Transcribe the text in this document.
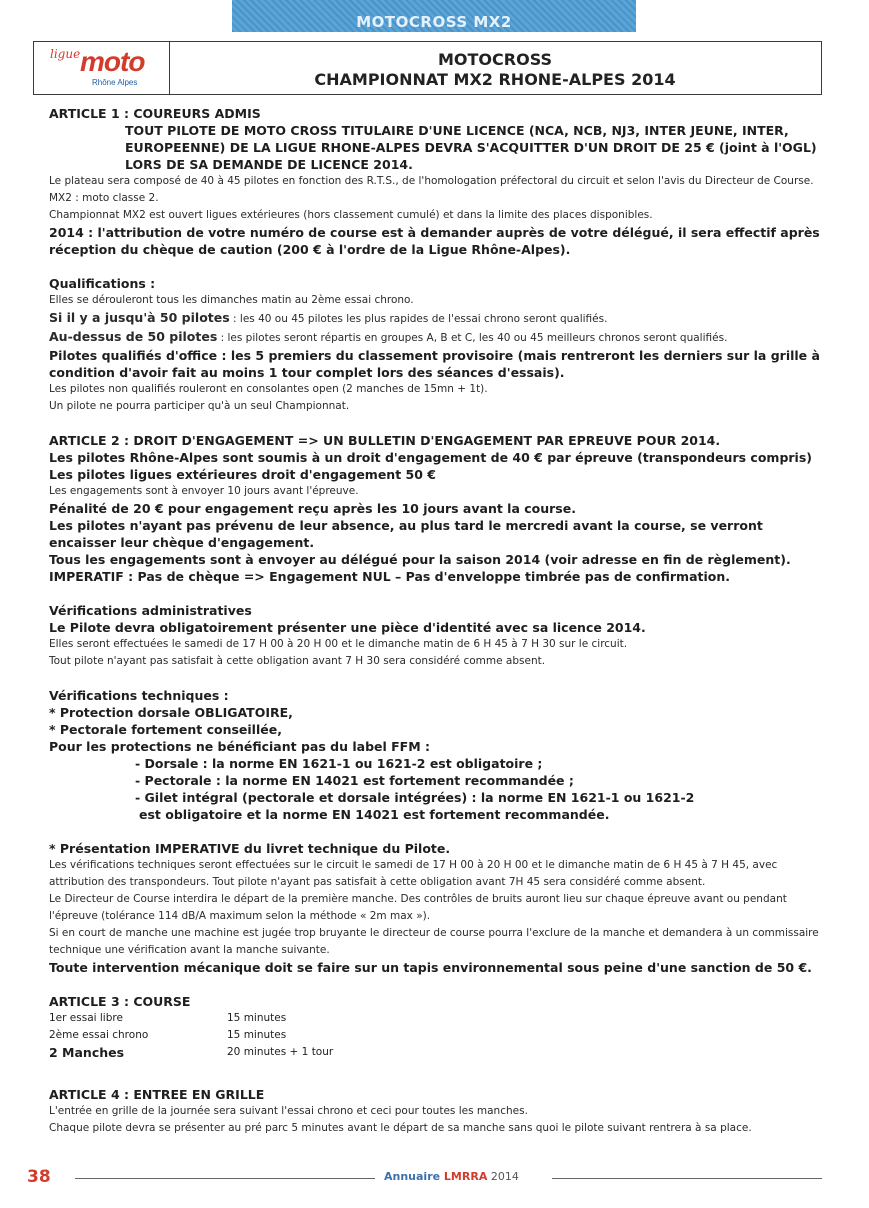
MOTOCROSS MX2
ligue moto
Rhône Alpes
MOTOCROSS
CHAMPIONNAT MX2 RHONE-ALPES 2014

ARTICLE 1 : COUREURS ADMIS

TOUT PILOTE DE MOTO CROSS TITULAIRE D'UNE LICENCE (NCA, NCB, NJ3, INTER JEUNE, INTER, EUROPEENNE) DE LA LIGUE RHONE-ALPES DEVRA S'ACQUITTER D'UN DROIT DE 25 € (joint à l'OGL) LORS DE SA DEMANDE DE LICENCE 2014.

Le plateau sera composé de 40 à 45 pilotes en fonction des R.T.S., de l'homologation préfectoral du circuit et selon l'avis du Directeur de Course.

MX2 : moto classe 2.

Championnat MX2 est ouvert ligues extérieures (hors classement cumulé) et dans la limite des places disponibles.

2014 : l'attribution de votre numéro de course est à demander auprès de votre délégué, il sera effectif après réception du chèque de caution (200 € à l'ordre de la Ligue Rhône-Alpes).

Qualifications :

Elles se dérouleront tous les dimanches matin au 2ème essai chrono.

Si il y a jusqu'à 50 pilotes : les 40 ou 45 pilotes les plus rapides de l'essai chrono seront qualifiés.

Au-dessus de 50 pilotes : les pilotes seront répartis en groupes A, B et C, les 40 ou 45 meilleurs chronos seront qualifiés.

Pilotes qualifiés d'office : les 5 premiers du classement provisoire (mais rentreront les derniers sur la grille à condition d'avoir fait au moins 1 tour complet lors des séances d'essais).

Les pilotes non qualifiés rouleront en consolantes open (2 manches de 15mn + 1t).

Un pilote ne pourra participer qu'à un seul Championnat.

ARTICLE 2 : DROIT D'ENGAGEMENT => UN BULLETIN D'ENGAGEMENT PAR EPREUVE POUR 2014.

Les pilotes Rhône-Alpes sont soumis à un droit d'engagement de 40 € par épreuve (transpondeurs compris)

Les pilotes ligues extérieures droit d'engagement 50 €

Les engagements sont à envoyer 10 jours avant l'épreuve.

Pénalité de 20 € pour engagement reçu après les 10 jours avant la course.

Les pilotes n'ayant pas prévenu de leur absence, au plus tard le mercredi avant la course, se verront encaisser leur chèque d'engagement.

Tous les engagements sont à envoyer au délégué pour la saison 2014 (voir adresse en fin de règlement).

IMPERATIF : Pas de chèque => Engagement NUL – Pas d'enveloppe timbrée pas de confirmation.

Vérifications administratives

Le Pilote devra obligatoirement présenter une pièce d'identité avec sa licence 2014.

Elles seront effectuées le samedi de 17 H 00 à 20 H 00 et le dimanche matin de 6 H 45 à 7 H 30 sur le circuit.

Tout pilote n'ayant pas satisfait à cette obligation avant 7 H 30 sera considéré comme absent.

Vérifications techniques :

* Protection dorsale OBLIGATOIRE,

* Pectorale fortement conseillée,

Pour les protections ne bénéficiant pas du label FFM :

- Dorsale : la norme EN 1621-1 ou 1621-2 est obligatoire ;

- Pectorale : la norme EN 14021 est fortement recommandée ;

- Gilet intégral (pectorale et dorsale intégrées) : la norme EN 1621-1 ou 1621-2

est obligatoire et la norme EN 14021 est fortement recommandée.

* Présentation IMPERATIVE du livret technique du Pilote.

Les vérifications techniques seront effectuées sur le circuit le samedi de 17 H 00 à 20 H 00 et le dimanche matin de 6 H 45 à 7 H 45, avec attribution des transpondeurs. Tout pilote n'ayant pas satisfait à cette obligation avant 7H 45 sera considéré comme absent.

Le Directeur de Course interdira le départ de la première manche. Des contrôles de bruits auront lieu sur chaque épreuve avant ou pendant l'épreuve (tolérance 114 dB/A maximum selon la méthode « 2m max »).

Si en court de manche une machine est jugée trop bruyante le directeur de course pourra l'exclure de la manche et demandera à un commissaire technique une vérification avant la manche suivante.

Toute intervention mécanique doit se faire sur un tapis environnemental sous peine d'une sanction de 50 €.

ARTICLE 3 : COURSE

1er essai libre	15 minutes
2ème essai chrono	15 minutes
2 Manches	20 minutes + 1 tour

ARTICLE 4 : ENTREE EN GRILLE

L'entrée en grille de la journée sera suivant l'essai chrono et ceci pour toutes les manches.

Chaque pilote devra se présenter au pré parc 5 minutes avant le départ de sa manche sans quoi le pilote suivant rentrera à sa place.

38	Annuaire LMRRA 2014
